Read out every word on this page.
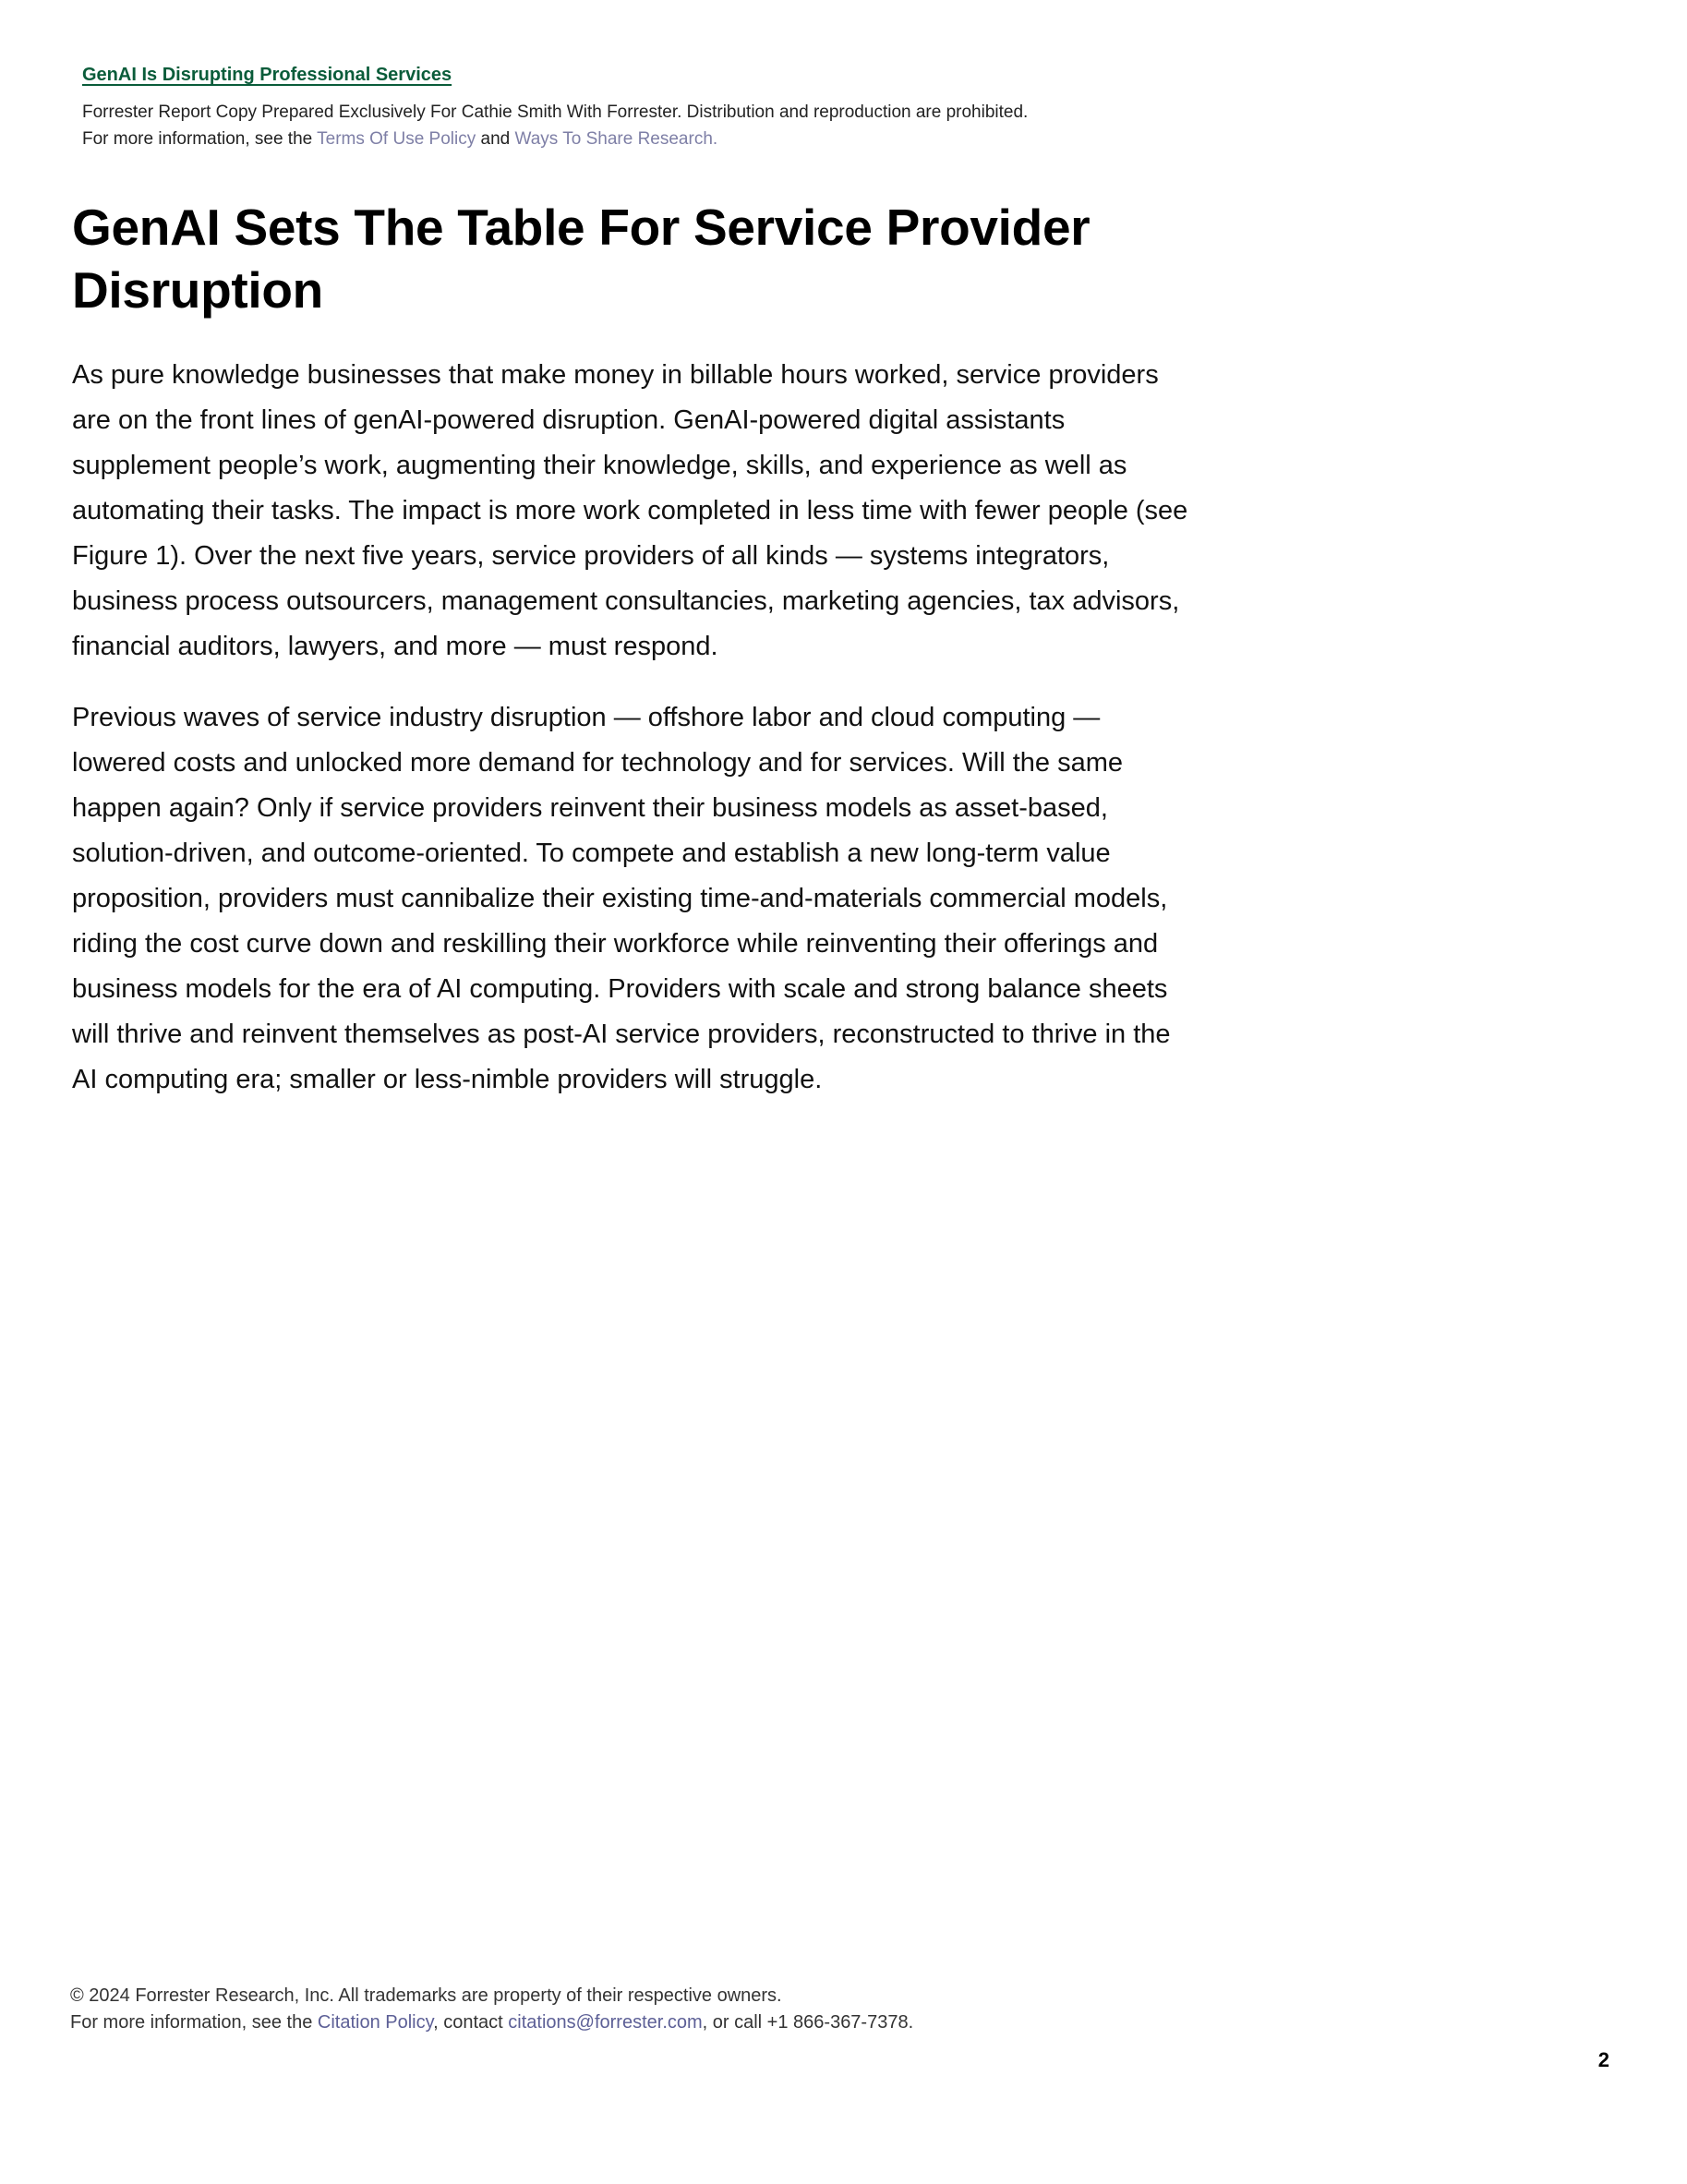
GenAI Is Disrupting Professional Services
Forrester Report Copy Prepared Exclusively For Cathie Smith With Forrester. Distribution and reproduction are prohibited.
For more information, see the Terms Of Use Policy and Ways To Share Research.
GenAI Sets The Table For Service Provider Disruption

As pure knowledge businesses that make money in billable hours worked, service providers are on the front lines of genAI-powered disruption. GenAI-powered digital assistants supplement people’s work, augmenting their knowledge, skills, and experience as well as automating their tasks. The impact is more work completed in less time with fewer people (see Figure 1). Over the next five years, service providers of all kinds — systems integrators, business process outsourcers, management consultancies, marketing agencies, tax advisors, financial auditors, lawyers, and more — must respond.

Previous waves of service industry disruption — offshore labor and cloud computing — lowered costs and unlocked more demand for technology and for services. Will the same happen again? Only if service providers reinvent their business models as asset-based, solution-driven, and outcome-oriented. To compete and establish a new long-term value proposition, providers must cannibalize their existing time-and-materials commercial models, riding the cost curve down and reskilling their workforce while reinventing their offerings and business models for the era of AI computing. Providers with scale and strong balance sheets will thrive and reinvent themselves as post-AI service providers, reconstructed to thrive in the AI computing era; smaller or less-nimble providers will struggle.

© 2024 Forrester Research, Inc. All trademarks are property of their respective owners.
For more information, see the Citation Policy, contact citations@forrester.com, or call +1 866-367-7378.
2
